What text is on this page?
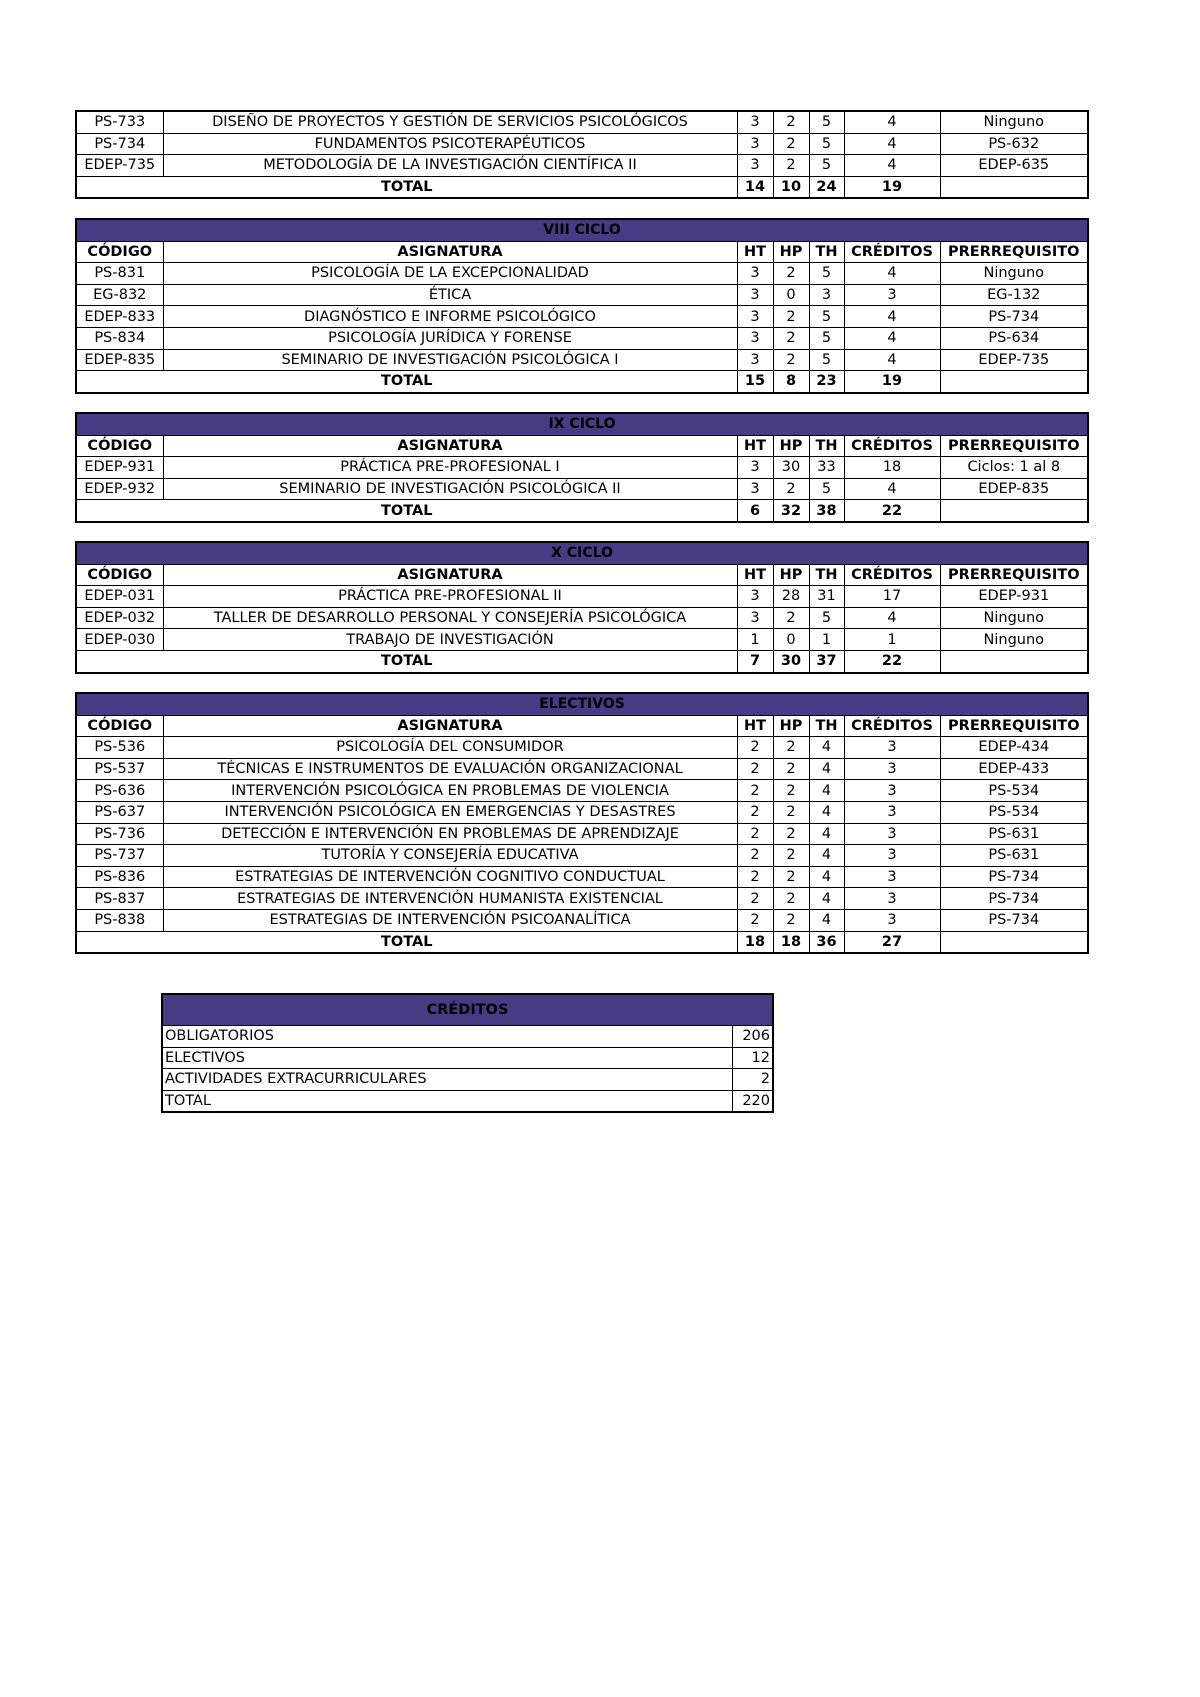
PS-733	DISEÑO DE PROYECTOS Y GESTIÓN DE SERVICIOS PSICOLÓGICOS	3	2	5	4	Ninguno
PS-734	FUNDAMENTOS PSICOTERAPÉUTICOS	3	2	5	4	PS-632
EDEP-735	METODOLOGÍA DE LA INVESTIGACIÓN CIENTÍFICA II	3	2	5	4	EDEP-635
TOTAL		14	10	24	19	
VIII CICLO						
CÓDIGO	ASIGNATURA	HT	HP	TH	CRÉDITOS	PRERREQUISITO
PS-831	PSICOLOGÍA DE LA EXCEPCIONALIDAD	3	2	5	4	Ninguno
EG-832	ÉTICA	3	0	3	3	EG-132
EDEP-833	DIAGNÓSTICO E INFORME PSICOLÓGICO	3	2	5	4	PS-734
PS-834	PSICOLOGÍA JURÍDICA Y FORENSE	3	2	5	4	PS-634
EDEP-835	SEMINARIO DE INVESTIGACIÓN PSICOLÓGICA I	3	2	5	4	EDEP-735
TOTAL		15	8	23	19	
IX CICLO						
CÓDIGO	ASIGNATURA	HT	HP	TH	CRÉDITOS	PRERREQUISITO
EDEP-931	PRÁCTICA PRE-PROFESIONAL I	3	30	33	18	Ciclos: 1 al 8
EDEP-932	SEMINARIO DE INVESTIGACIÓN PSICOLÓGICA II	3	2	5	4	EDEP-835
TOTAL		6	32	38	22	
X CICLO						
CÓDIGO	ASIGNATURA	HT	HP	TH	CRÉDITOS	PRERREQUISITO
EDEP-031	PRÁCTICA PRE-PROFESIONAL II	3	28	31	17	EDEP-931
EDEP-032	TALLER DE DESARROLLO PERSONAL Y CONSEJERÍA PSICOLÓGICA	3	2	5	4	Ninguno
EDEP-030	TRABAJO DE INVESTIGACIÓN	1	0	1	1	Ninguno
TOTAL		7	30	37	22	
ELECTIVOS						
CÓDIGO	ASIGNATURA	HT	HP	TH	CRÉDITOS	PRERREQUISITO
PS-536	PSICOLOGÍA DEL CONSUMIDOR	2	2	4	3	EDEP-434
PS-537	TÉCNICAS E INSTRUMENTOS DE EVALUACIÓN ORGANIZACIONAL	2	2	4	3	EDEP-433
PS-636	INTERVENCIÓN PSICOLÓGICA EN PROBLEMAS DE VIOLENCIA	2	2	4	3	PS-534
PS-637	INTERVENCIÓN PSICOLÓGICA EN EMERGENCIAS Y DESASTRES	2	2	4	3	PS-534
PS-736	DETECCIÓN E INTERVENCIÓN EN PROBLEMAS DE APRENDIZAJE	2	2	4	3	PS-631
PS-737	TUTORÍA Y CONSEJERÍA EDUCATIVA	2	2	4	3	PS-631
PS-836	ESTRATEGIAS DE INTERVENCIÓN COGNITIVO CONDUCTUAL	2	2	4	3	PS-734
PS-837	ESTRATEGIAS DE INTERVENCIÓN HUMANISTA EXISTENCIAL	2	2	4	3	PS-734
PS-838	ESTRATEGIAS DE INTERVENCIÓN PSICOANALÍTICA	2	2	4	3	PS-734
TOTAL		18	18	36	27	
CRÉDITOS	
OBLIGATORIOS	206
ELECTIVOS	12
ACTIVIDADES EXTRACURRICULARES	2
TOTAL	220
